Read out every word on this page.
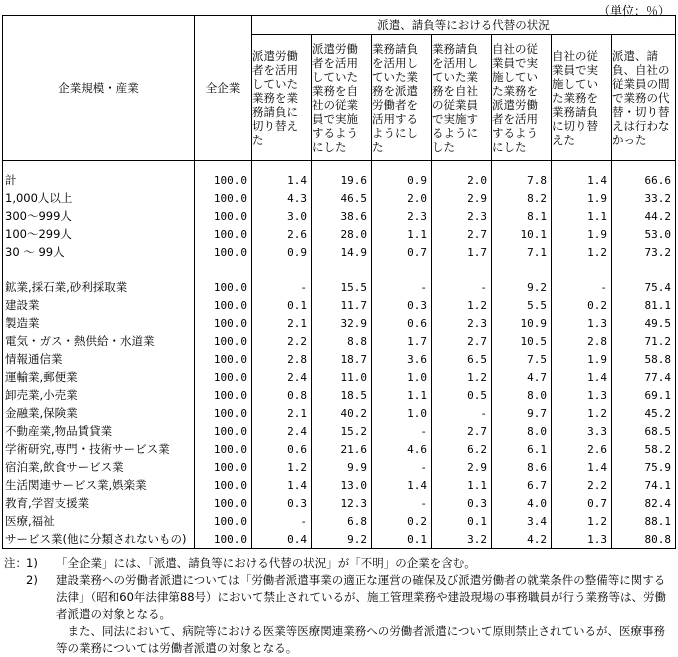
（単位：％）
企業規模・産業	全企業	派遣、請負等における代替の状況						

		派遣労働者を活用していた業務を業務請負に切り替えた	派遣労働者を活用していた業務を自社の従業員で実施するようにした	業務請負を活用していた業務を派遣労働者を活用するようにした	業務請負を活用していた業務を自社の従業員で実施するようにした	自社の従業員で実施していた業務を派遣労働者を活用するようにした	自社の従業員で実施していた業務を業務請負に切り替えた	派遣、請負、自社の従業員の間で業務の代替・切り替えは行わなかった

計	100.0	1.4	19.6	0.9	2.0	7.8	1.4	66.6
1,000人以上	100.0	4.3	46.5	2.0	2.9	8.2	1.9	33.2
300～999人	100.0	3.0	38.6	2.3	2.3	8.1	1.1	44.2
100～299人	100.0	2.6	28.0	1.1	2.7	10.1	1.9	53.0
30 ～ 99人	100.0	0.9	14.9	0.7	1.7	7.1	1.2	73.2

鉱業,採石業,砂利採取業	100.0	-	15.5	-	-	9.2	-	75.4
建設業	100.0	0.1	11.7	0.3	1.2	5.5	0.2	81.1
製造業	100.0	2.1	32.9	0.6	2.3	10.9	1.3	49.5
電気・ガス・熱供給・水道業	100.0	2.2	8.8	1.7	2.7	10.5	2.8	71.2
情報通信業	100.0	2.8	18.7	3.6	6.5	7.5	1.9	58.8
運輸業,郵便業	100.0	2.4	11.0	1.0	1.2	4.7	1.4	77.4
卸売業,小売業	100.0	0.8	18.5	1.1	0.5	8.0	1.3	69.1
金融業,保険業	100.0	2.1	40.2	1.0	-	9.7	1.2	45.2
不動産業,物品賃貸業	100.0	2.4	15.2	-	2.7	8.0	3.3	68.5
学術研究,専門・技術サービス業	100.0	0.6	21.6	4.6	6.2	6.1	2.6	58.2
宿泊業,飲食サービス業	100.0	1.2	9.9	-	2.9	8.6	1.4	75.9
生活関連サービス業,娯楽業	100.0	1.4	13.0	1.4	1.1	6.7	2.2	74.1
教育,学習支援業	100.0	0.3	12.3	-	0.3	4.0	0.7	82.4
医療,福祉	100.0	-	6.8	0.2	0.1	3.4	1.2	88.1
サービス業(他に分類されないもの)	100.0	0.4	9.2	0.1	3.2	4.2	1.3	80.8
注： 1)	「全企業」には、「派遣、請負等における代替の状況」が「不明」の企業を含む。
2)	建設業務への労働者派遣については「労働者派遣事業の適正な運営の確保及び派遣労働者の就業条件の整備等に関する法律」（昭和60年法律第88号）において禁止されているが、施工管理業務や建設現場の事務職員が行う業務等は、労働者派遣の対象となる。
　また、同法において、病院等における医業等医療関連業務への労働者派遣について原則禁止されているが、医療事務等の業務については労働者派遣の対象となる。
